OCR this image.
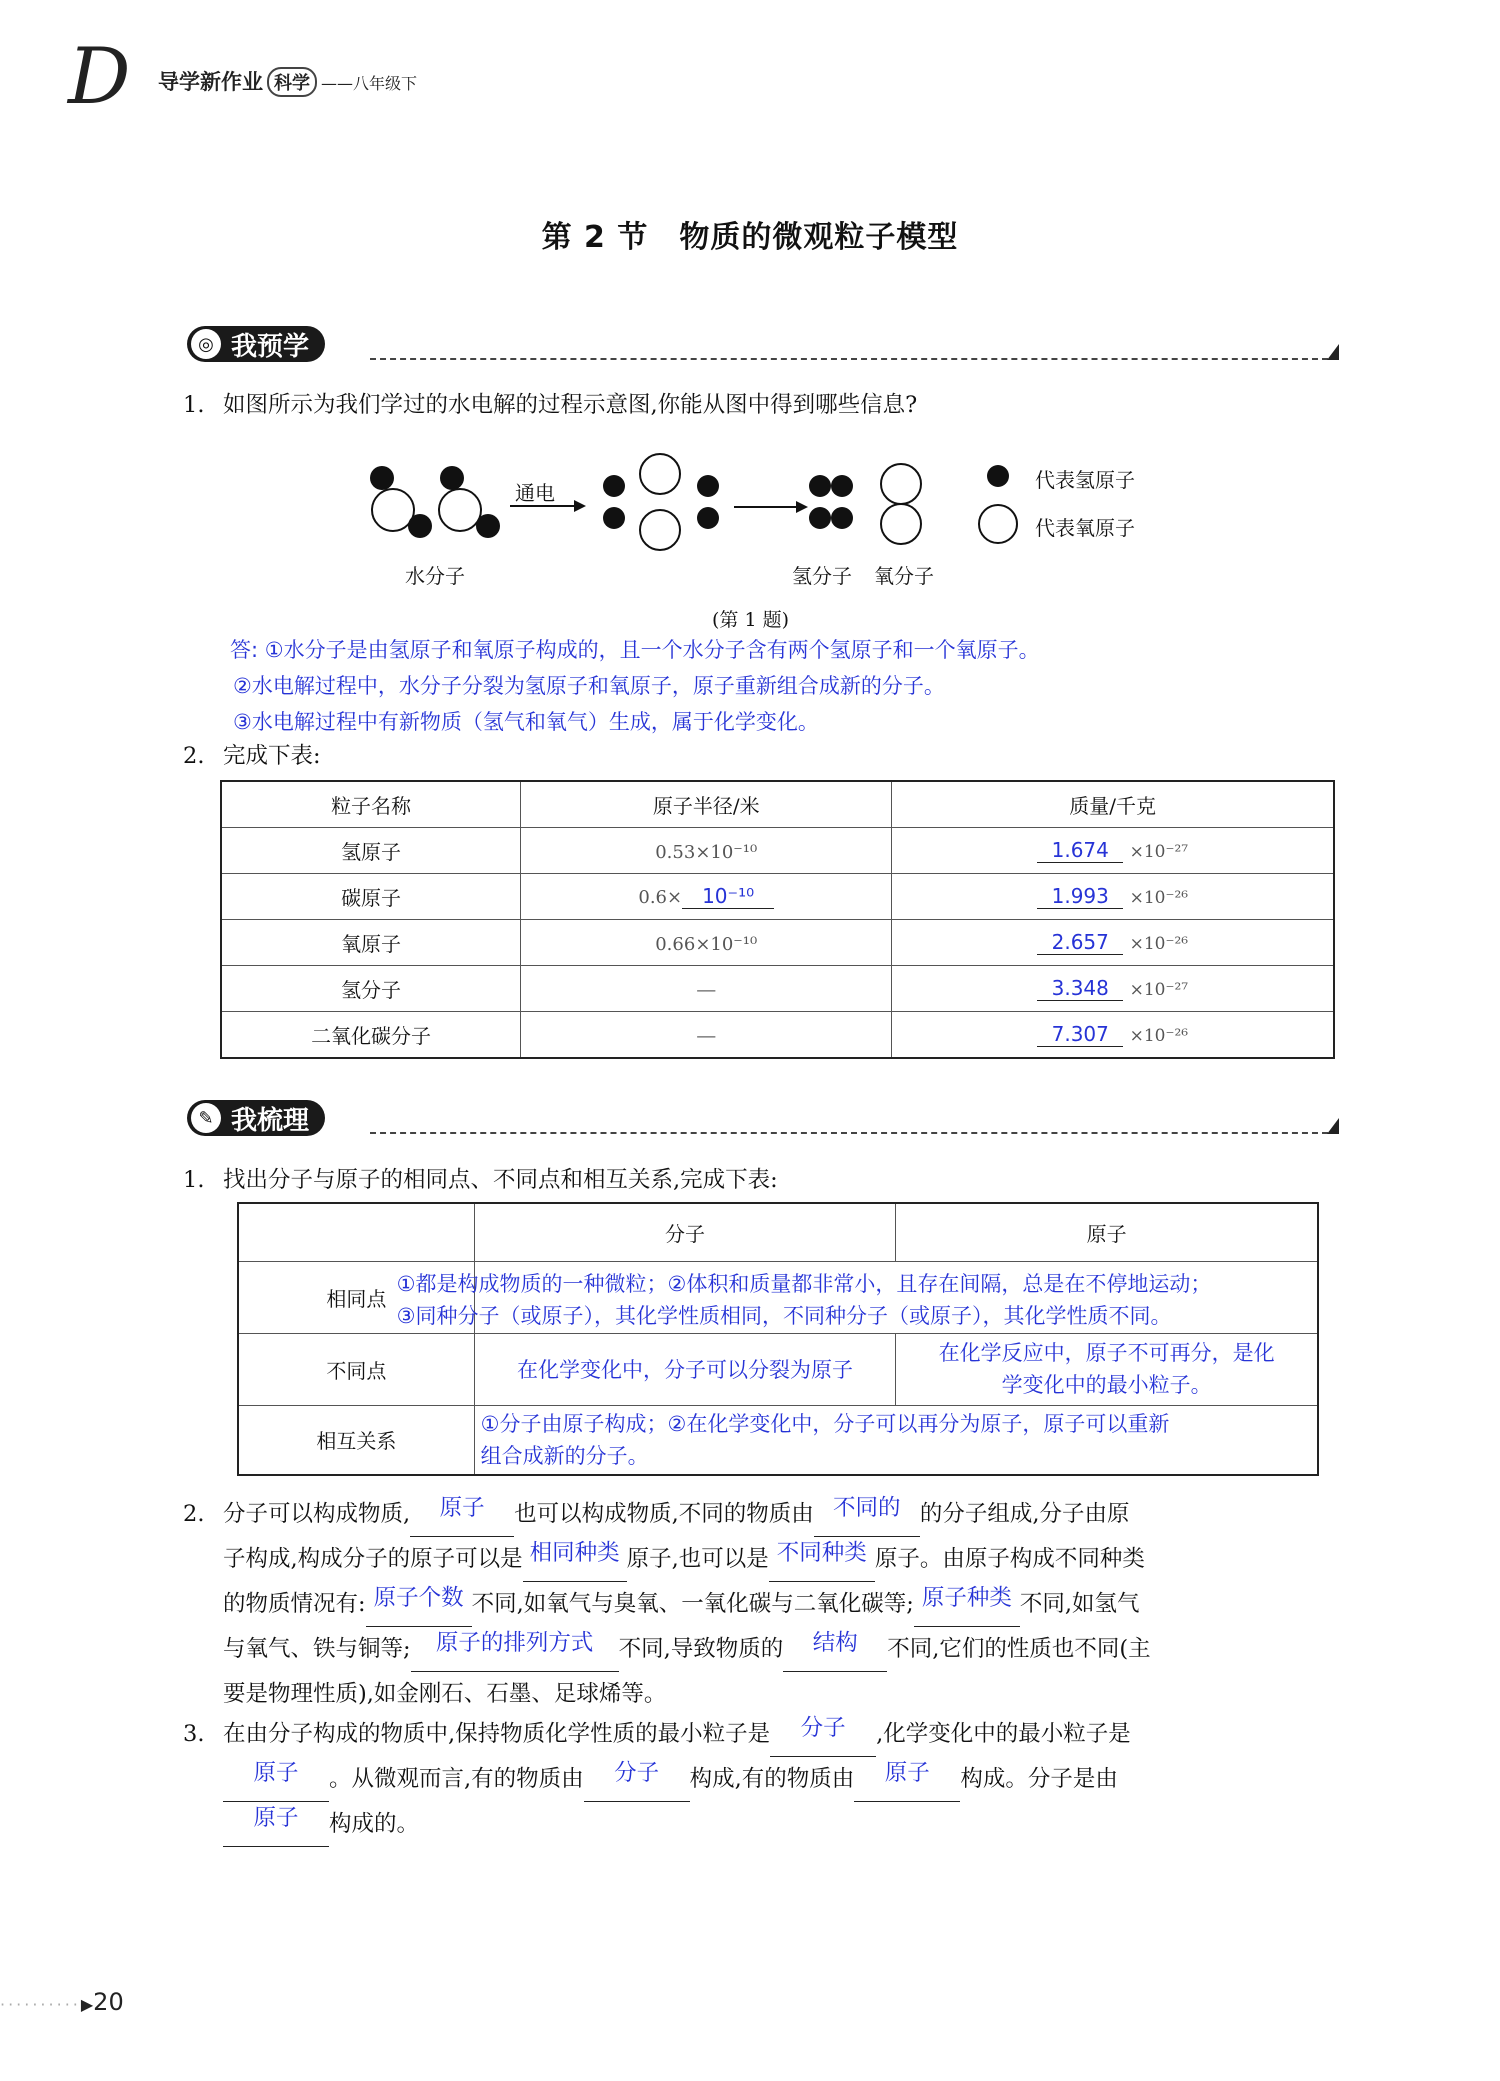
D 导学新作业 科学 ——八年级下
第 2 节　物质的微观粒子模型
◎ 我预学
1. 如图所示为我们学过的水电解的过程示意图,你能从图中得到哪些信息?
通电
代表氢原子
代表氧原子
水分子	氢分子 氧分子
(第 1 题)
答: ①水分子是由氢原子和氧原子构成的，且一个水分子含有两个氢原子和一个氧原子。
②水电解过程中，水分子分裂为氢原子和氧原子，原子重新组合成新的分子。
③水电解过程中有新物质（氢气和氧气）生成，属于化学变化。
2. 完成下表:
粒子名称	原子半径/米	质量/千克
氢原子	0.53×10⁻¹⁰	1.674 ×10⁻²⁷
碳原子	0.6× 10⁻¹⁰	1.993 ×10⁻²⁶
氧原子	0.66×10⁻¹⁰	2.657 ×10⁻²⁶
氢分子	—	3.348 ×10⁻²⁷
二氧化碳分子	—	7.307 ×10⁻²⁶
✎ 我梳理
1. 找出分子与原子的相同点、不同点和相互关系,完成下表:
	分子	原子
相同点	①都是构成物质的一种微粒；②体积和质量都非常小，且存在间隔，总是在不停地运动；
③同种分子（或原子），其化学性质相同，不同种分子（或原子），其化学性质不同。	

不同点	在化学变化中，分子可以分裂为原子	在化学反应中，原子不可再分，是化
学变化中的最小粒子。

相互关系	①分子由原子构成；②在化学变化中，分子可以再分为原子，原子可以重新
组合成新的分子。	
2. 分子可以构成物质, 原子 也可以构成物质,不同的物质由 不同的 的分子组成,分子由原
子构成,构成分子的原子可以是 相同种类 原子,也可以是 不同种类 原子。由原子构成不同种类
的物质情况有: 原子个数 不同,如氧气与臭氧、一氧化碳与二氧化碳等; 原子种类 不同,如氢气
与氧气、铁与铜等; 原子的排列方式 不同,导致物质的 结构 不同,它们的性质也不同(主
要是物理性质),如金刚石、石墨、足球烯等。
3. 在由分子构成的物质中,保持物质化学性质的最小粒子是 分子 ,化学变化中的最小粒子是
原子 。从微观而言,有的物质由 分子 构成,有的物质由 原子 构成。分子是由
原子 构成的。
··········▶20
